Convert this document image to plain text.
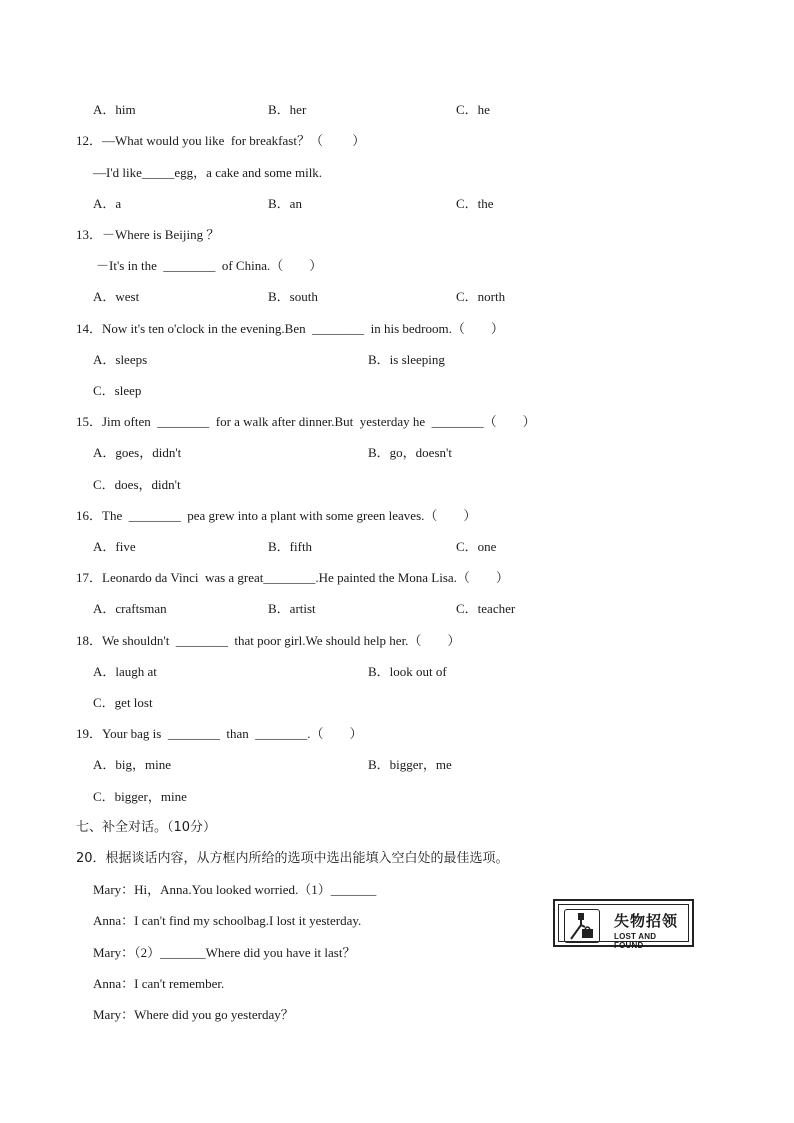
A．him	B．her	C．he
12．—What would you like  for breakfast？（         ）
—I'd like_____egg，a cake and some milk.
A．a	B．an	C．the
13．－Where is Beijing ？
－It's in the  ________  of China.（        ）
A．west	B．south	C．north
14．Now it's ten o'clock in the evening.Ben  ________  in his bedroom.（        ）
A．sleeps	B．is sleeping
C．sleep
15．Jim often  ________  for a walk after dinner.But  yesterday he  ________（        ）
A．goes，didn't	B．go，doesn't
C．does，didn't
16．The  ________  pea grew into a plant with some green leaves.（        ）
A．five	B．fifth	C．one
17．Leonardo da Vinci  was a great________.He painted the Mona Lisa.（        ）
A．craftsman	B．artist	C．teacher
18．We shouldn't  ________  that poor girl.We should help her.（        ）
A．laugh at	B．look out of
C．get lost
19．Your bag is  ________  than  ________.（        ）
A．big，mine	B．bigger，me
C．bigger，mine
七、补全对话。（10分）
20．根据谈话内容，从方框内所给的选项中选出能填入空白处的最佳选项。
Mary：Hi，Anna.You looked worried.（1）_______
Anna：I can't find my schoolbag.I lost it yesterday.
Mary：（2）_______Where did you have it last？
Anna：I can't remember.
Mary：Where did you go yesterday？
失物招领
LOST AND FOUND
